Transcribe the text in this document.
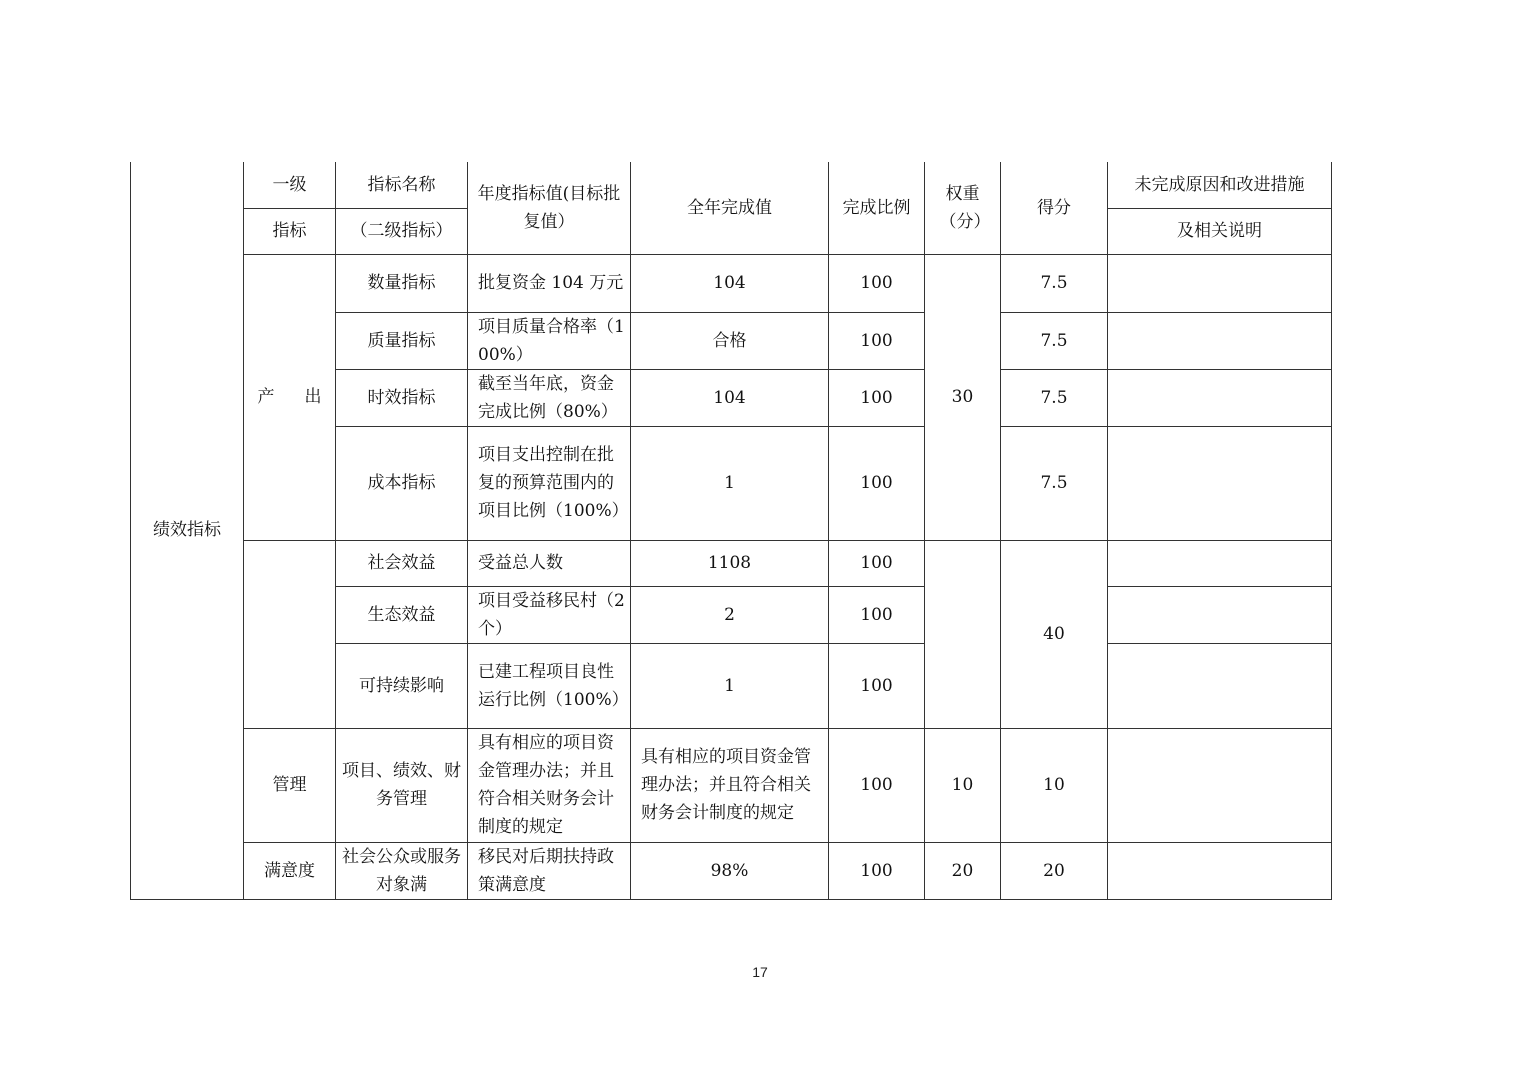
绩效指标	一级	指标名称	年度指标值(目标批复值）	全年完成值	完成比例	权重（分）	得分	未完成原因和改进措施
	指标	（二级指标）						及相关说明
	产 出	数量指标	批复资金 104 万元	104	100	30	7.5	
		质量指标	项目质量合格率（100%）	合格	100		7.5	
		时效指标	截至当年底，资金完成比例（80%）	104	100		7.5	
		成本指标	项目支出控制在批复的预算范围内的项目比例（100%）	1	100		7.5	
		社会效益	受益总人数	1108	100		40	
		生态效益	项目受益移民村（2 个）	2	100			
		可持续影响	已建工程项目良性运行比例（100%）	1	100			
	管理	项目、绩效、财务管理	具有相应的项目资金管理办法；并且符合相关财务会计制度的规定	具有相应的项目资金管理办法；并且符合相关财务会计制度的规定	100	10	10	
	满意度	社会公众或服务对象满	移民对后期扶持政策满意度	98%	100	20	20	
17
